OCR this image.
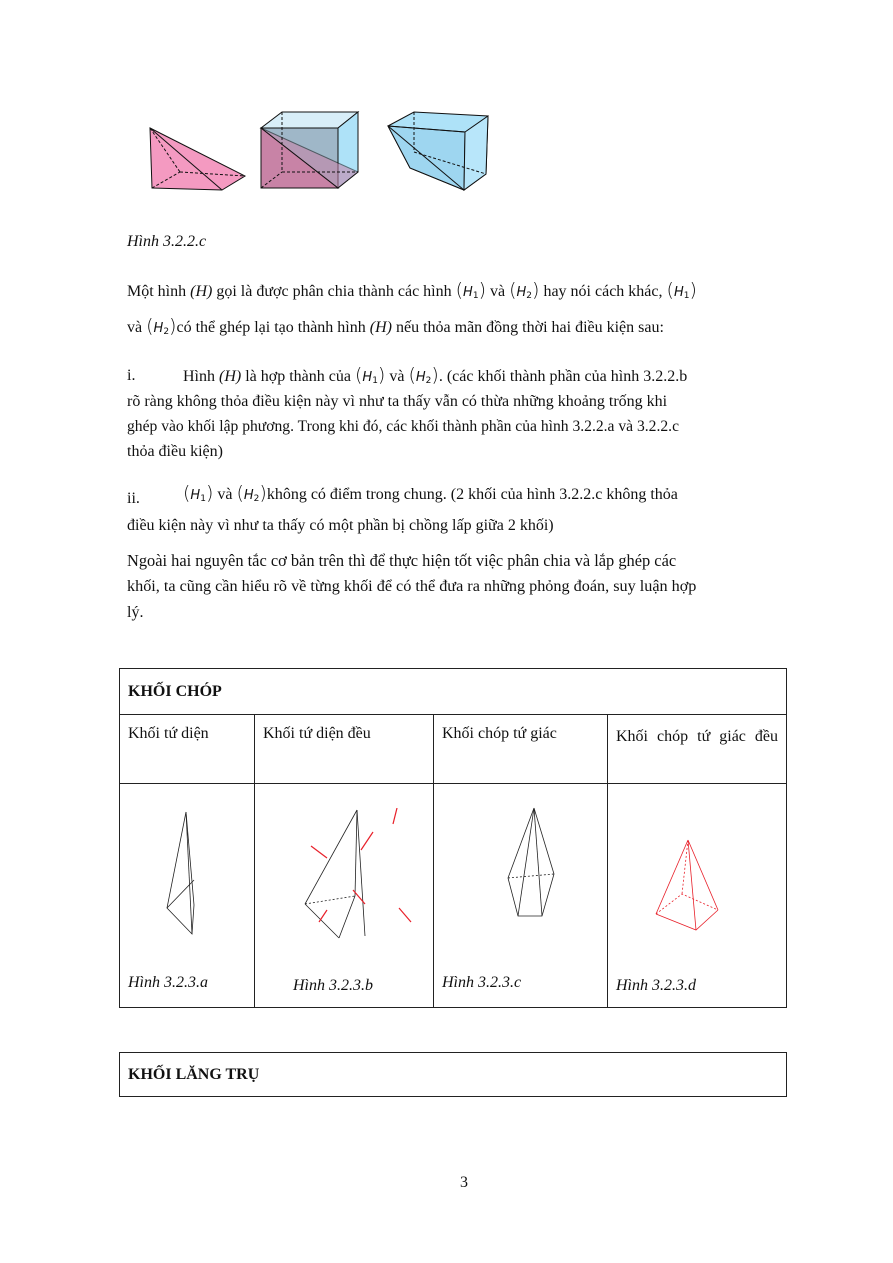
Hình 3.2.2.c
Một hình (H) gọi là được phân chia thành các hình $(H_1)$ và $(H_2)$ hay nói cách khác, $(H_1)$
và $(H_2)có$ thể ghép lại tạo thành hình (H) nếu thỏa mãn đồng thời hai điều kiện sau:
i.	Hình (H) là hợp thành của $(H_1)$ và $(H_2)$. (các khối thành phần của hình 3.2.2.b
rõ ràng không thỏa điều kiện này vì như ta thấy vẫn có thừa những khoảng trống khi
ghép vào khối lập phương. Trong khi đó, các khối thành phần của hình 3.2.2.a và 3.2.2.c
thỏa điều kiện)
ii. $(H_1)$ và $(H_2)không$ có điểm trong chung. (2 khối của hình 3.2.2.c không thỏa
điều kiện này vì như ta thấy có một phần bị chồng lấp giữa 2 khối)
Ngoài hai nguyên tắc cơ bản trên thì để thực hiện tốt việc phân chia và lắp ghép các
khối, ta cũng cần hiểu rõ về từng khối để có thể đưa ra những phỏng đoán, suy luận hợp
lý.
KHỐI CHÓP			
Khối tứ diện	Khối tứ diện đều	Khối chóp tứ giác	Khối chóp tứ giác đều

Hình 3.2.3.a	Hình 3.2.3.b	Hình 3.2.3.c	Hình 3.2.3.d
KHỐI LĂNG TRỤ
3
